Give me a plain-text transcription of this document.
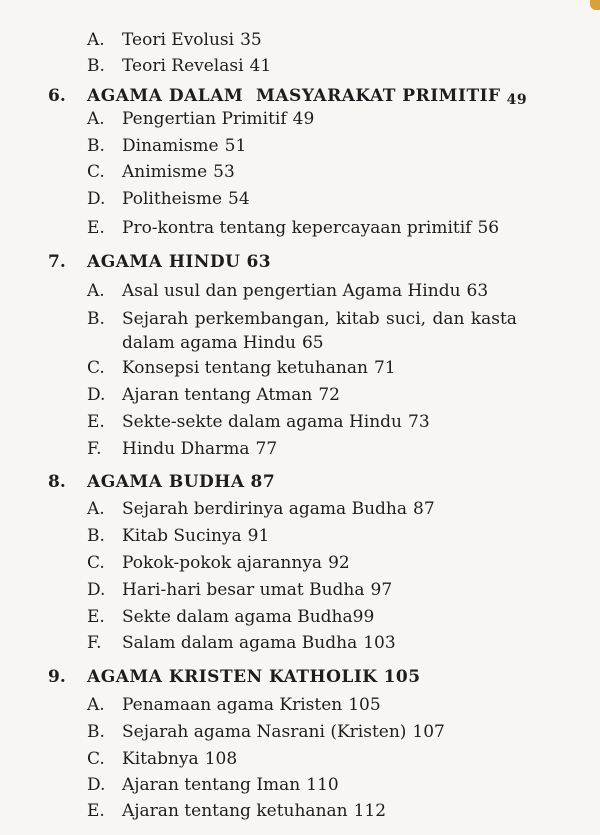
A.	Teori Evolusi 35
B.	Teori Revelasi 41
6. AGAMA DALAM  MASYARAKAT PRIMITIF 49
A.	Pengertian Primitif 49
B.	Dinamisme 51
C.	Animisme 53
D. Politheisme 54
E.	Pro-kontra tentang kepercayaan primitif 56
7. AGAMA HINDU 63
A.	Asal usul dan pengertian Agama Hindu 63
B.	Sejarah perkembangan, kitab suci, dan kasta
dalam agama Hindu 65
C.	Konsepsi tentang ketuhanan 71
D. Ajaran tentang Atman 72
E.	Sekte-sekte dalam agama Hindu 73
F.	Hindu Dharma 77
8. AGAMA BUDHA 87
A.	Sejarah berdirinya agama Budha 87
B.	Kitab Sucinya 91
C.	Pokok-pokok ajarannya 92
D. Hari-hari besar umat Budha 97
E.	Sekte dalam agama Budha99
F.	Salam dalam agama Budha 103
9. AGAMA KRISTEN KATHOLIK 105
A.	Penamaan agama Kristen 105
B.	Sejarah agama Nasrani (Kristen) 107
C.	Kitabnya 108
D. Ajaran tentang Iman 110
E.	Ajaran tentang ketuhanan 112
